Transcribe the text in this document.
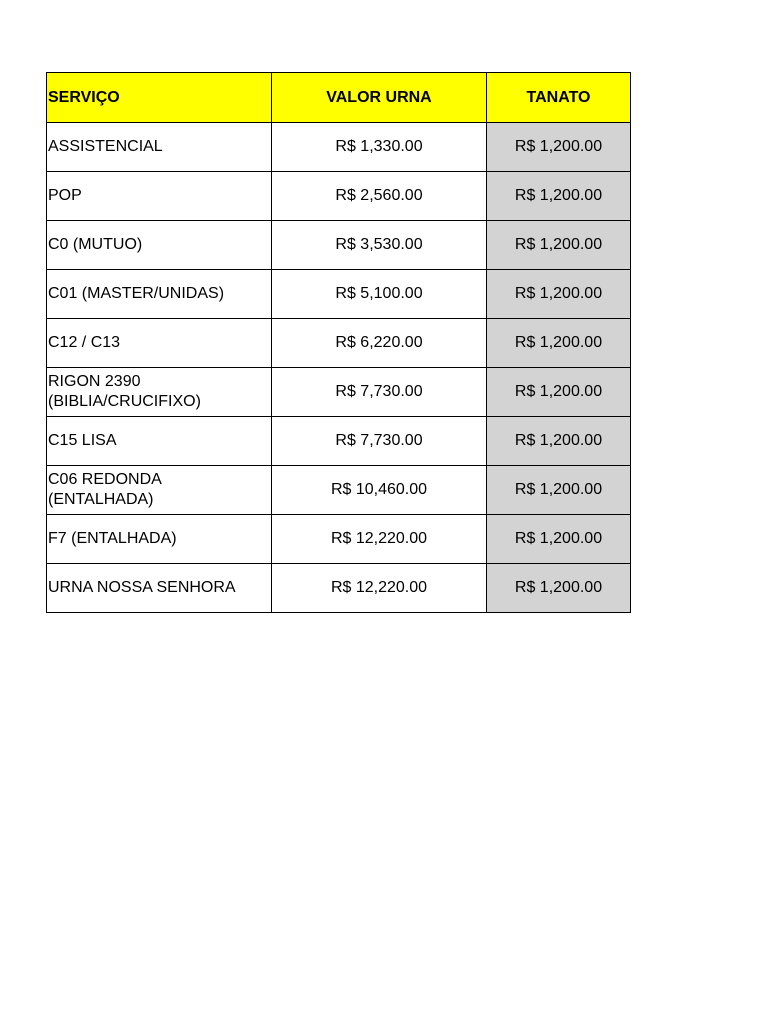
SERVIÇO	VALOR URNA	TANATO
ASSISTENCIAL	R$ 1,330.00	R$ 1,200.00
POP	R$ 2,560.00	R$ 1,200.00
C0 (MUTUO)	R$ 3,530.00	R$ 1,200.00
C01 (MASTER/UNIDAS)	R$ 5,100.00	R$ 1,200.00
C12 / C13	R$ 6,220.00	R$ 1,200.00
RIGON 2390 (BIBLIA/CRUCIFIXO)	R$ 7,730.00	R$ 1,200.00
C15 LISA	R$ 7,730.00	R$ 1,200.00
C06 REDONDA (ENTALHADA)	R$ 10,460.00	R$ 1,200.00
F7 (ENTALHADA)	R$ 12,220.00	R$ 1,200.00
URNA NOSSA SENHORA	R$ 12,220.00	R$ 1,200.00
